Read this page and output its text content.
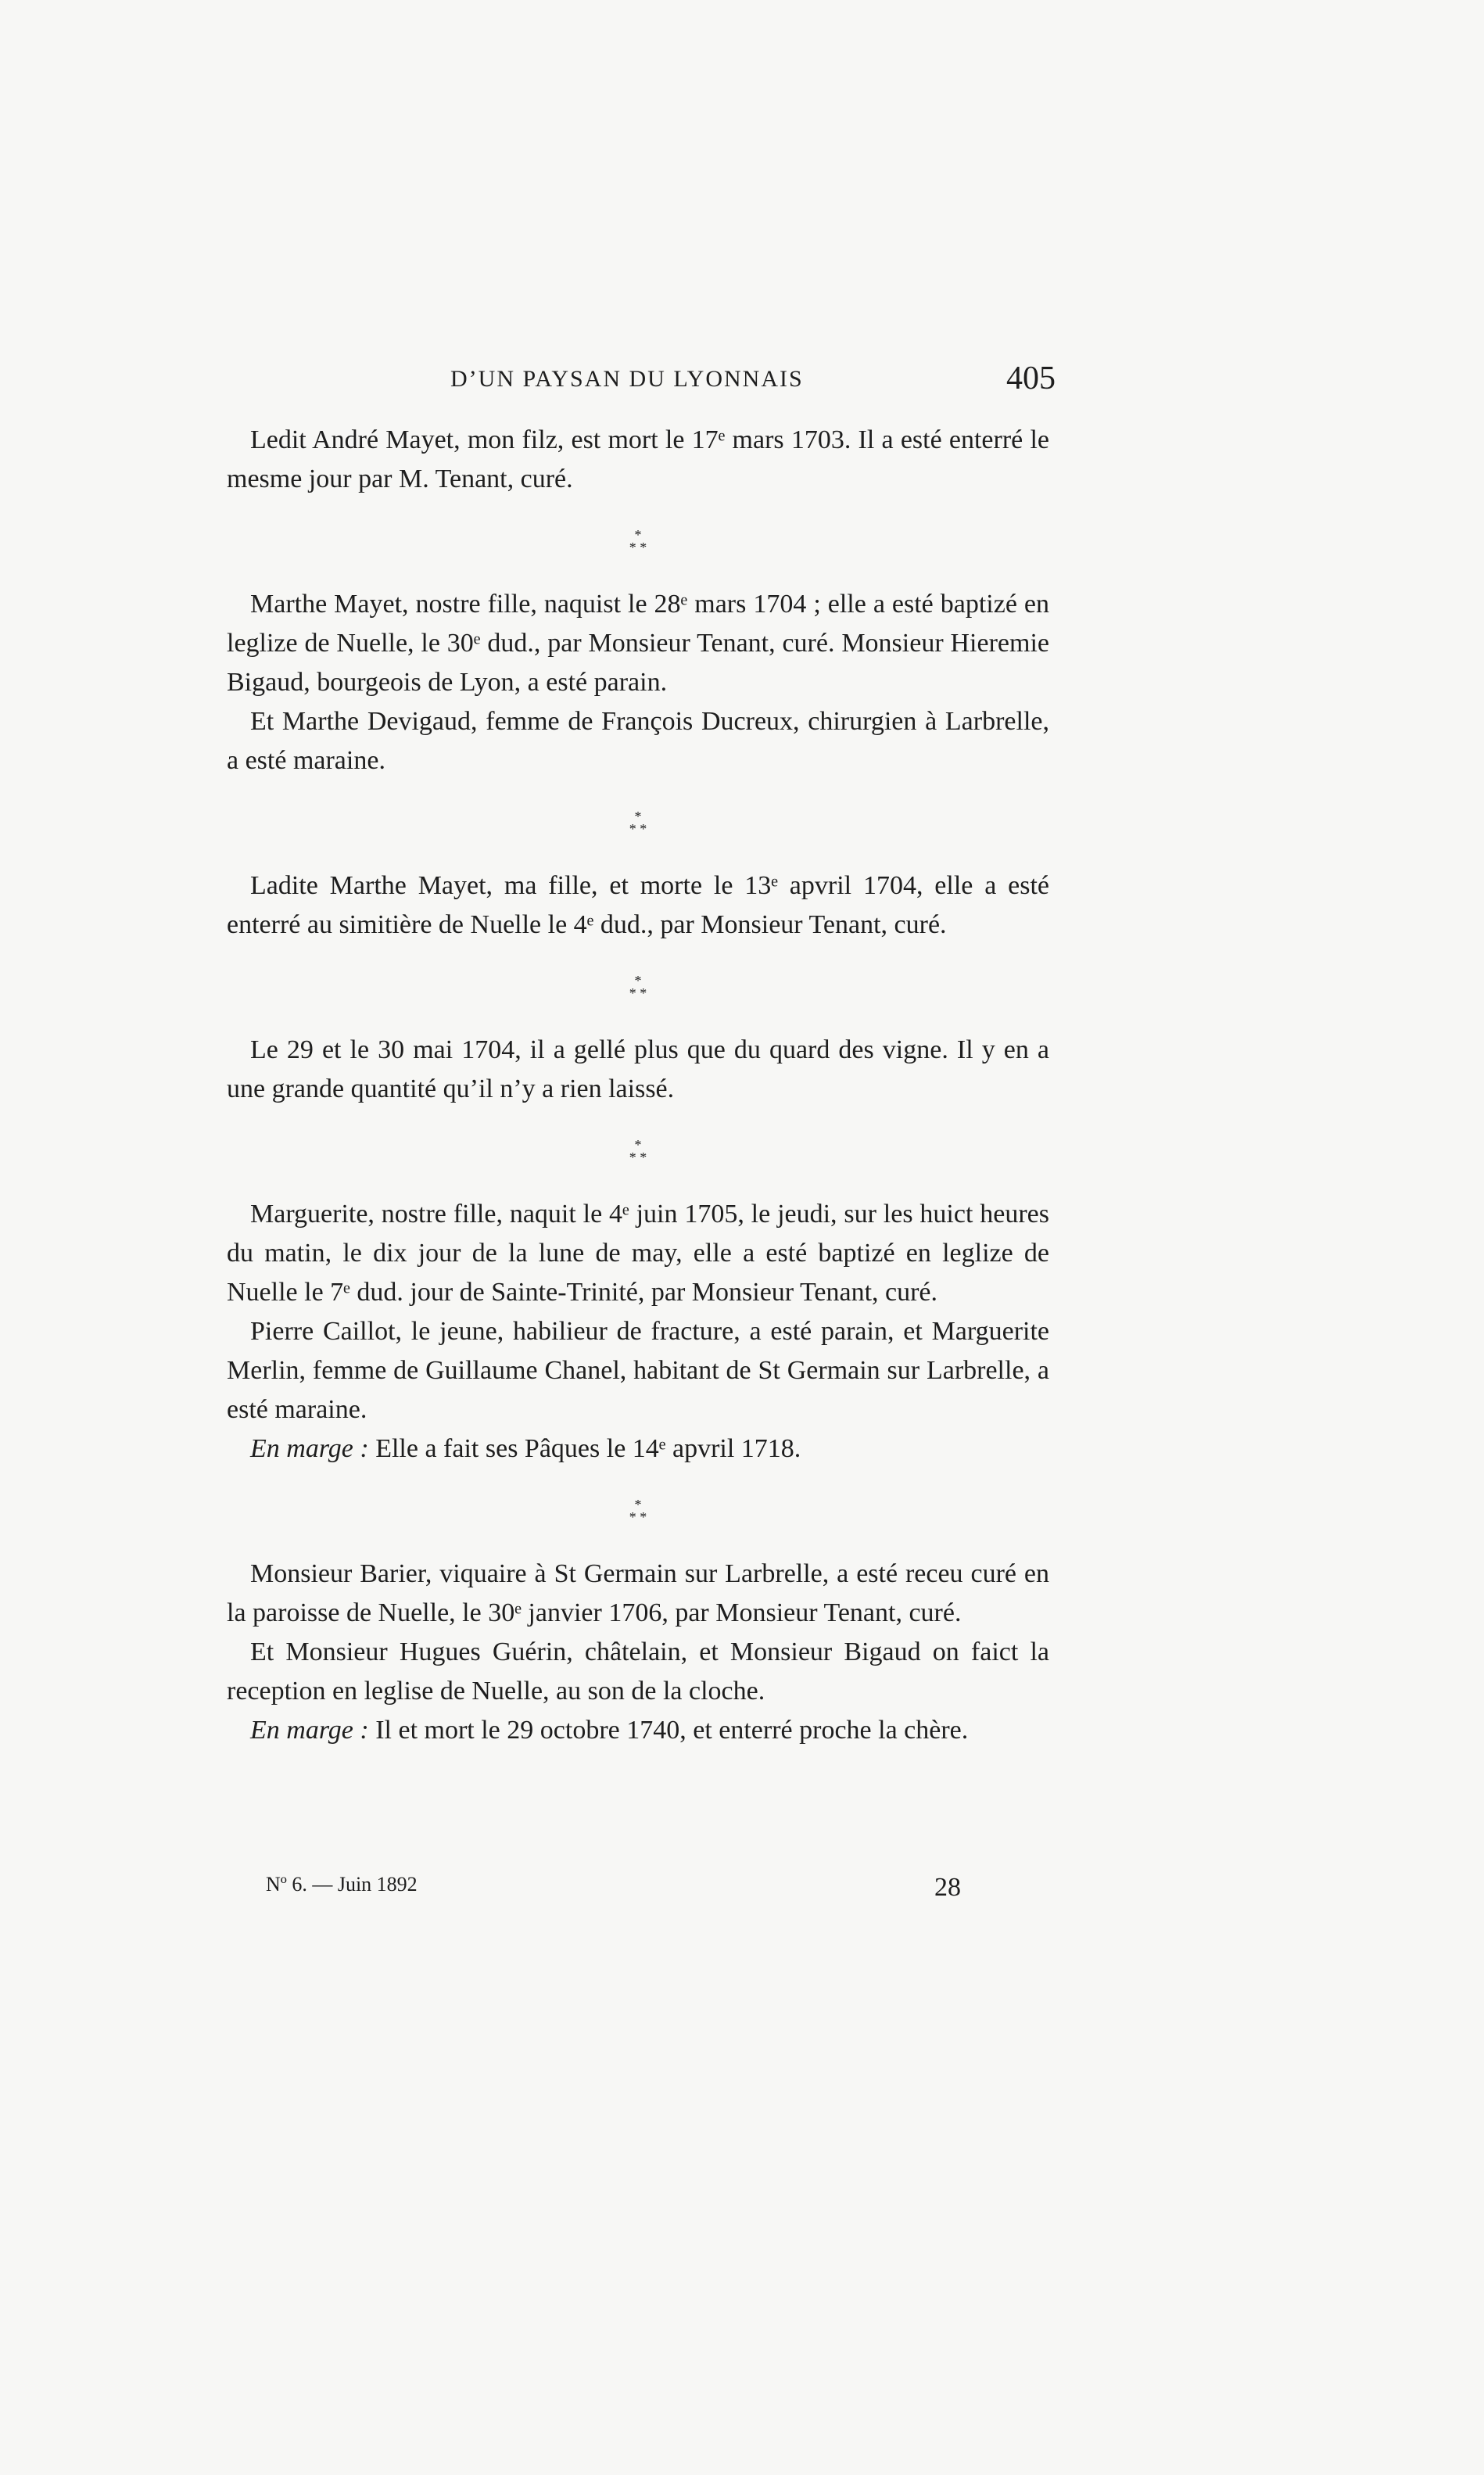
D’UN PAYSAN DU LYONNAIS	405

Ledit André Mayet, mon filz, est mort le 17ᵉ mars 1703. Il a esté enterré le mesme jour par M. Tenant, curé.

*
* *

Marthe Mayet, nostre fille, naquist le 28ᵉ mars 1704 ; elle a esté baptizé en leglize de Nuelle, le 30ᵉ dud., par Monsieur Tenant, curé. Monsieur Hieremie Bigaud, bourgeois de Lyon, a esté parain.

Et Marthe Devigaud, femme de François Ducreux, chirurgien à Larbrelle, a esté maraine.

*
* *

Ladite Marthe Mayet, ma fille, et morte le 13ᵉ apvril 1704, elle a esté enterré au simitière de Nuelle le 4ᵉ dud., par Monsieur Tenant, curé.

*
* *

Le 29 et le 30 mai 1704, il a gellé plus que du quard des vigne. Il y en a une grande quantité qu’il n’y a rien laissé.

*
* *

Marguerite, nostre fille, naquit le 4ᵉ juin 1705, le jeudi, sur les huict heures du matin, le dix jour de la lune de may, elle a esté baptizé en leglize de Nuelle le 7ᵉ dud. jour de Sainte-Trinité, par Monsieur Tenant, curé.

Pierre Caillot, le jeune, habilieur de fracture, a esté parain, et Marguerite Merlin, femme de Guillaume Chanel, habitant de St Germain sur Larbrelle, a esté maraine.

En marge : Elle a fait ses Pâques le 14ᵉ apvril 1718.

*
* *

Monsieur Barier, viquaire à St Germain sur Larbrelle, a esté receu curé en la paroisse de Nuelle, le 30ᵉ janvier 1706, par Monsieur Tenant, curé.

Et Monsieur Hugues Guérin, châtelain, et Monsieur Bigaud on faict la reception en leglise de Nuelle, au son de la cloche.

En marge : Il et mort le 29 octobre 1740, et enterré proche la chère.

Nº 6. — Juin 1892	28
